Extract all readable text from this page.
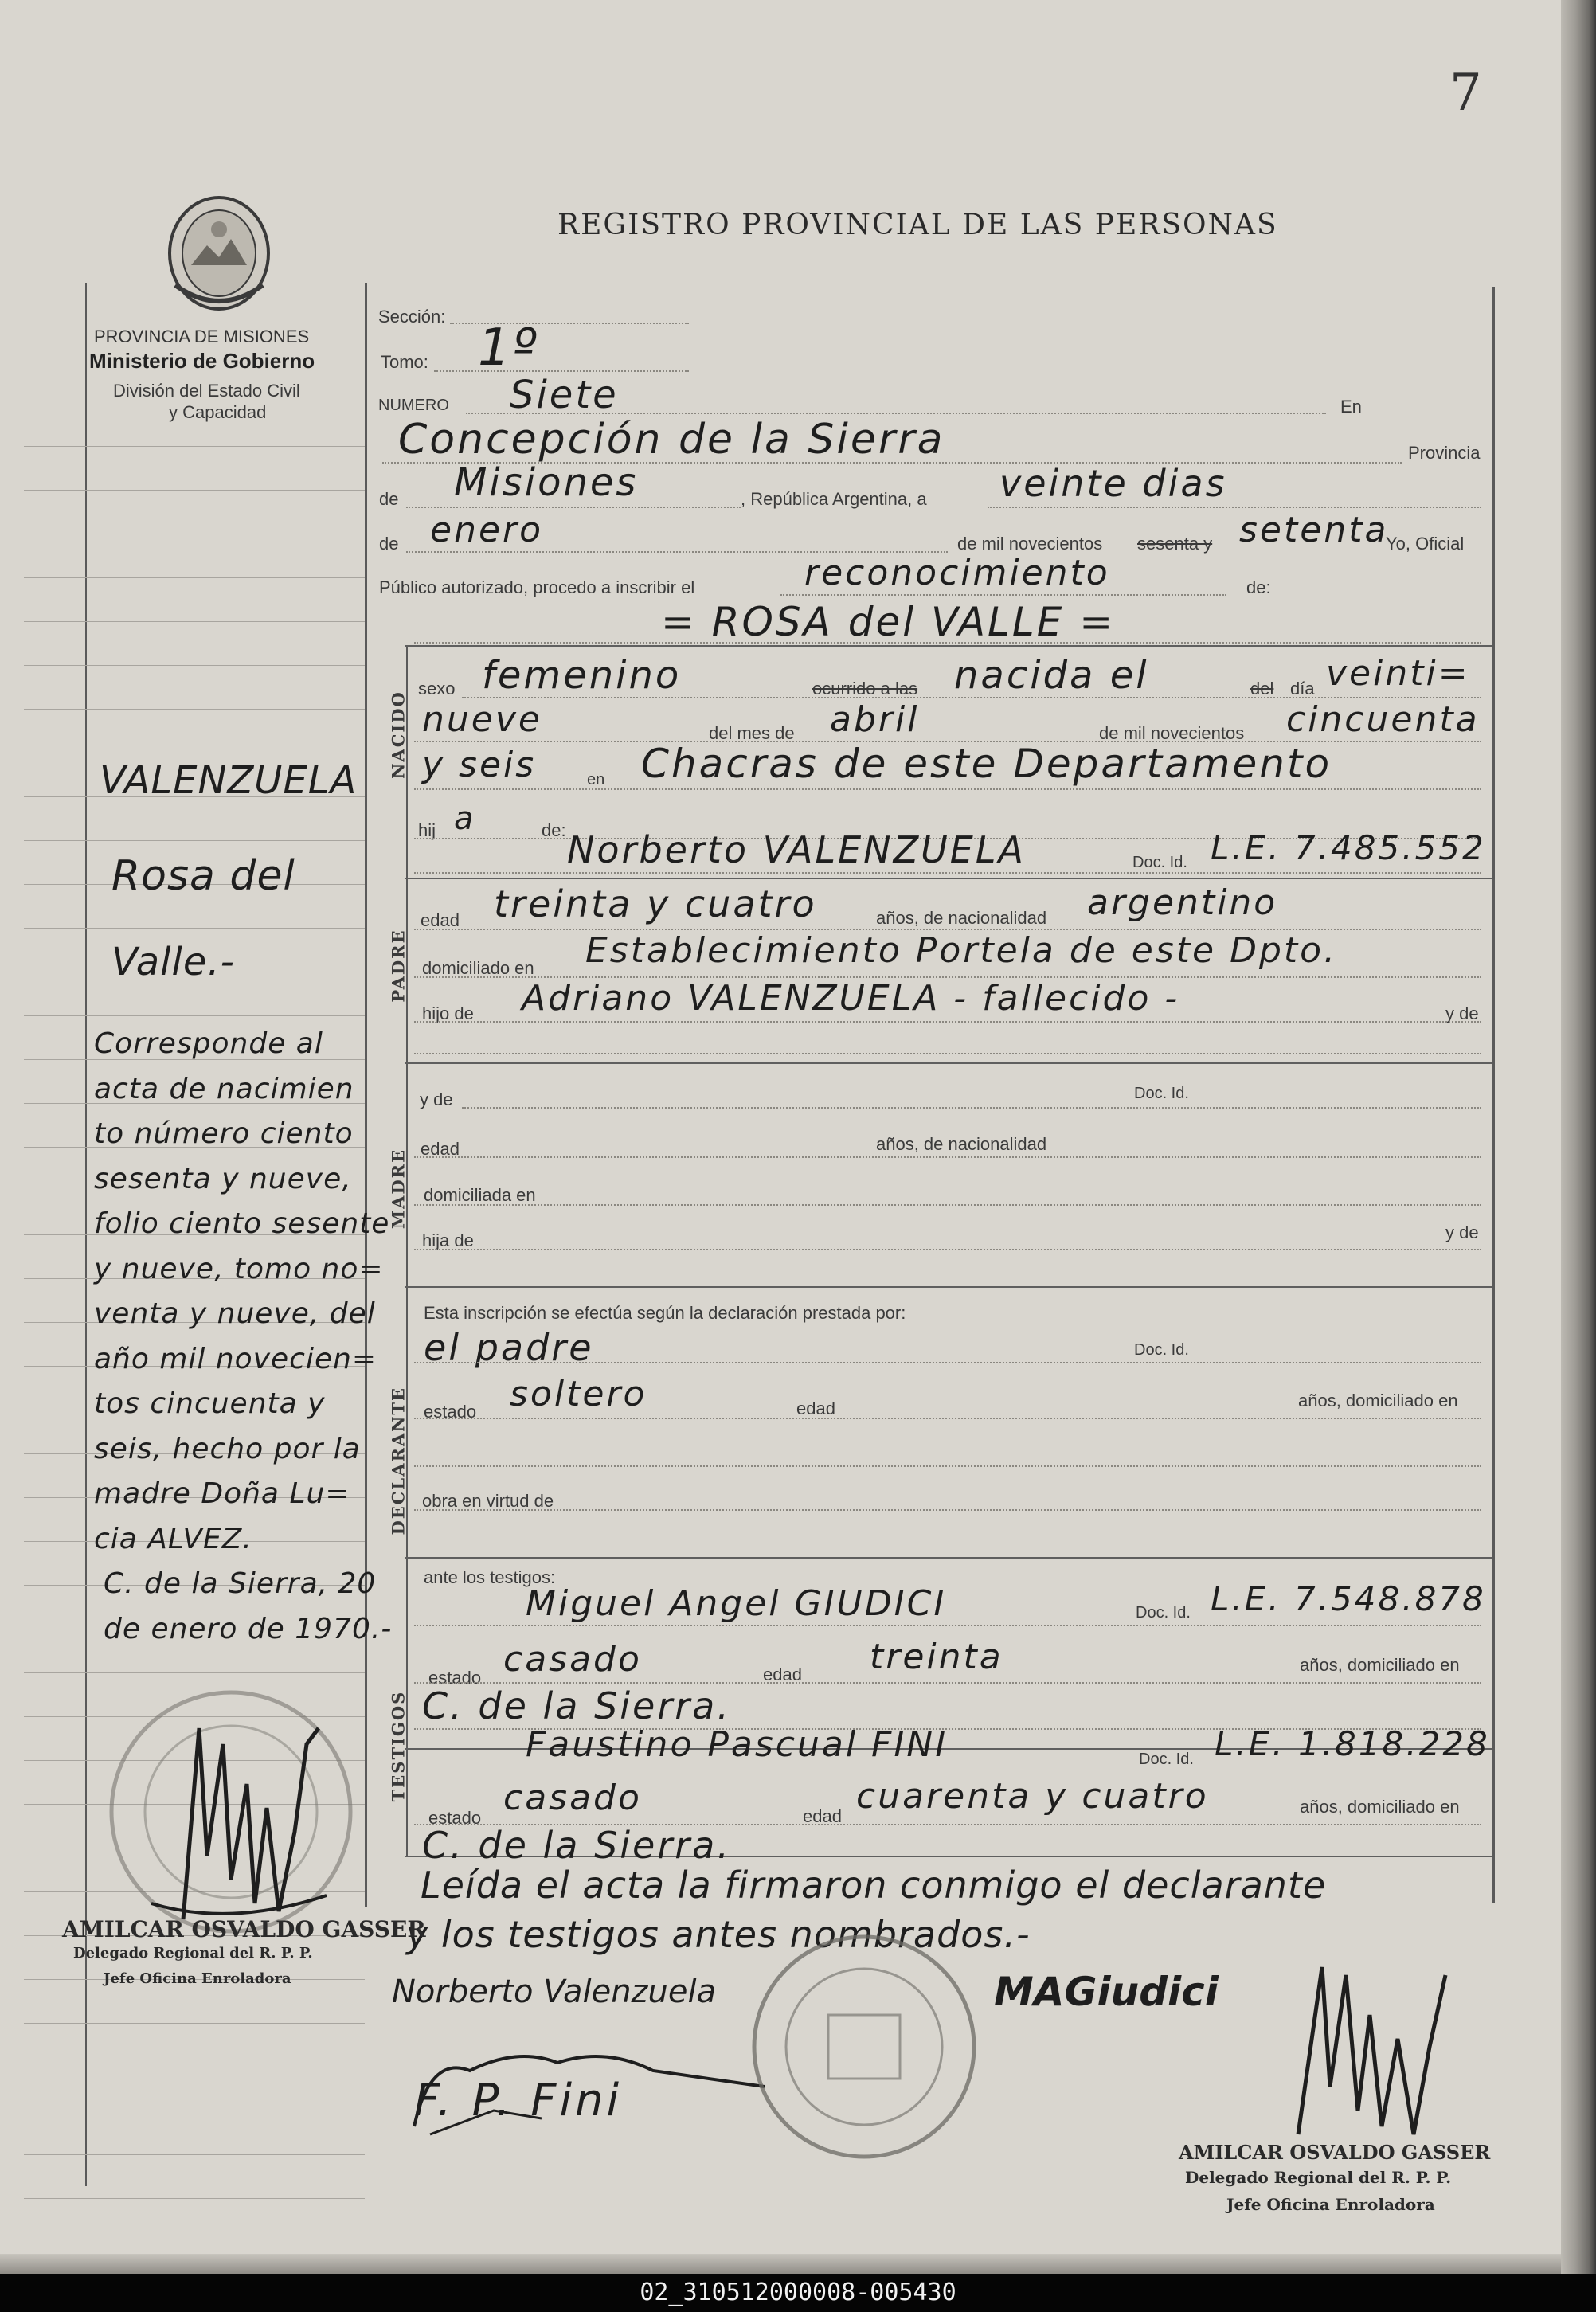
7
REGISTRO PROVINCIAL DE LAS PERSONAS
PROVINCIA DE MISIONES
Ministerio de Gobierno
División del Estado Civil
y Capacidad
NACIDO
PADRE
MADRE
DECLARANTE
TESTIGOS
Sección:
Tomo: 1º
NUMERO Siete	En
Concepción de la Sierra	Provincia
de Misiones	, República Argentina, a veinte dias
de enero	de mil novecientos sesenta y setenta
Yo, Oficial
Público autorizado, procedo a inscribir el	reconocimiento	de:
= ROSA del VALLE =
sexo femenino	ocurrido a las nacida el	del día veinti=
nueve	del mes de abril	de mil novecientos cincuenta
y seis	en Chacras de este Departamento
hij a	de: Norberto VALENZUELA	Doc. Id. L.E. 7.485.552
edad treinta y cuatro	años, de nacionalidad argentino
domiciliado en Establecimiento Portela de este Dpto.
hijo de Adriano VALENZUELA - fallecido -	y de
y de	Doc. Id.
edad	años, de nacionalidad
domiciliada en
hija de	y de
Esta inscripción se efectúa según la declaración prestada por:
el padre	Doc. Id.
estado soltero	edad	años, domiciliado en
obra en virtud de
ante los testigos:
Miguel Angel GIUDICI	Doc. Id. L.E. 7.548.878
estado casado	edad treinta	años, domiciliado en
C. de la Sierra.
Faustino Pascual FINI	Doc. Id. L.E. 1.818.228
estado casado	edad cuarenta y cuatro	años, domiciliado en
C. de la Sierra.
Leída el acta la firmaron conmigo el declarante
y los testigos antes nombrados.-
Norberto Valenzuela	MAGiudici
F. P. Fini
AMILCAR OSVALDO GASSER
Delegado Regional del R. P. P.
Jefe Oficina Enroladora
AMILCAR OSVALDO GASSER
Delegado Regional del R. P. P.
Jefe Oficina Enroladora
VALENZUELA
Rosa del
Valle.-
Corresponde al
acta de nacimien
to número ciento
sesenta y nueve,
folio ciento sesente
y nueve, tomo no=
venta y nueve, del
año mil novecien=
tos cincuenta y
seis, hecho por la
madre Doña Lu=
cia ALVEZ.
C. de la Sierra, 20
de enero de 1970.-
02_310512000008-005430
